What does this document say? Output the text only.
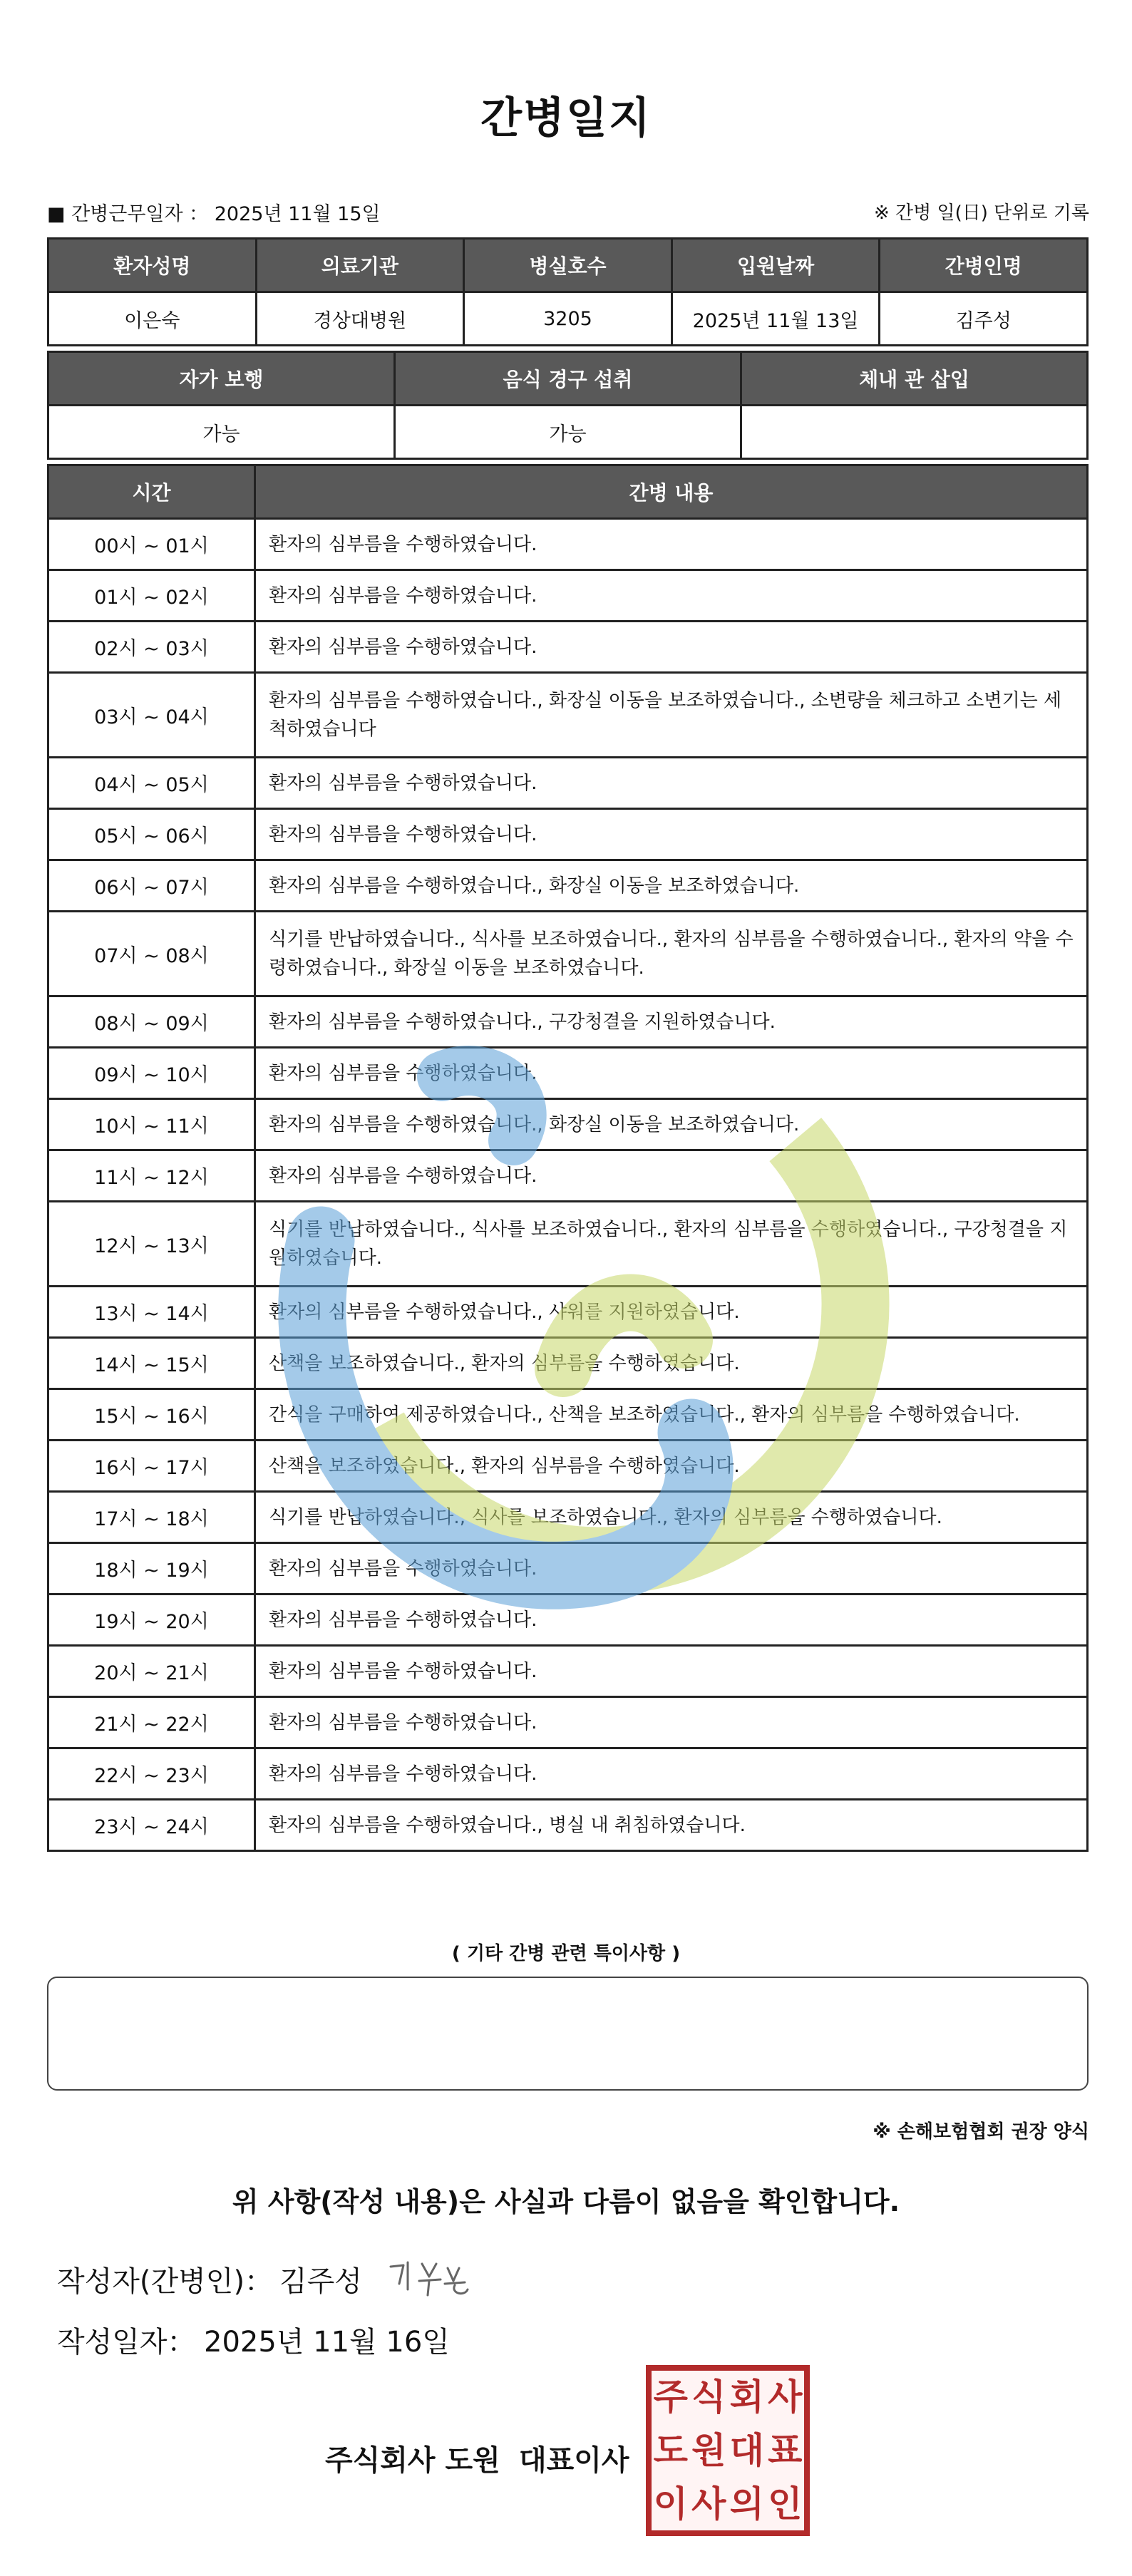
간병일지
■ 간병근무일자 ： 2025년 11월 15일	※ 간병 일(日) 단위로 기록
환자성명	의료기관	병실호수	입원날짜	간병인명
이은숙	경상대병원	3205	2025년 11월 13일	김주성
자가 보행	음식 경구 섭취	체내 관 삽입
가능	가능	
시간	간병 내용
00시 ~ 01시	환자의 심부름을 수행하였습니다.
01시 ~ 02시	환자의 심부름을 수행하였습니다.
02시 ~ 03시	환자의 심부름을 수행하였습니다.
03시 ~ 04시	환자의 심부름을 수행하였습니다., 화장실 이동을 보조하였습니다., 소변량을 체크하고 소변기는 세척하였습니다
04시 ~ 05시	환자의 심부름을 수행하였습니다.
05시 ~ 06시	환자의 심부름을 수행하였습니다.
06시 ~ 07시	환자의 심부름을 수행하였습니다., 화장실 이동을 보조하였습니다.
07시 ~ 08시	식기를 반납하였습니다., 식사를 보조하였습니다., 환자의 심부름을 수행하였습니다., 환자의 약을 수령하였습니다., 화장실 이동을 보조하였습니다.
08시 ~ 09시	환자의 심부름을 수행하였습니다., 구강청결을 지원하였습니다.
09시 ~ 10시	환자의 심부름을 수행하였습니다.
10시 ~ 11시	환자의 심부름을 수행하였습니다., 화장실 이동을 보조하였습니다.
11시 ~ 12시	환자의 심부름을 수행하였습니다.
12시 ~ 13시	식기를 반납하였습니다., 식사를 보조하였습니다., 환자의 심부름을 수행하였습니다., 구강청결을 지원하였습니다.
13시 ~ 14시	환자의 심부름을 수행하였습니다., 샤워를 지원하였습니다.
14시 ~ 15시	산책을 보조하였습니다., 환자의 심부름을 수행하였습니다.
15시 ~ 16시	간식을 구매하여 제공하였습니다., 산책을 보조하였습니다., 환자의 심부름을 수행하였습니다.
16시 ~ 17시	산책을 보조하였습니다., 환자의 심부름을 수행하였습니다.
17시 ~ 18시	식기를 반납하였습니다., 식사를 보조하였습니다., 환자의 심부름을 수행하였습니다.
18시 ~ 19시	환자의 심부름을 수행하였습니다.
19시 ~ 20시	환자의 심부름을 수행하였습니다.
20시 ~ 21시	환자의 심부름을 수행하였습니다.
21시 ~ 22시	환자의 심부름을 수행하였습니다.
22시 ~ 23시	환자의 심부름을 수행하였습니다.
23시 ~ 24시	환자의 심부름을 수행하였습니다., 병실 내 취침하였습니다.
( 기타 간병 관련 특이사항 )
※ 손해보험협회 권장 양식
위 사항(작성 내용)은 사실과 다름이 없음을 확인합니다.
작성자(간병인)： 김주성
작성일자： 2025년 11월 16일
주식회사 도원 대표이사
주 식 회 사
도 원 대 표
이 사 의 인
